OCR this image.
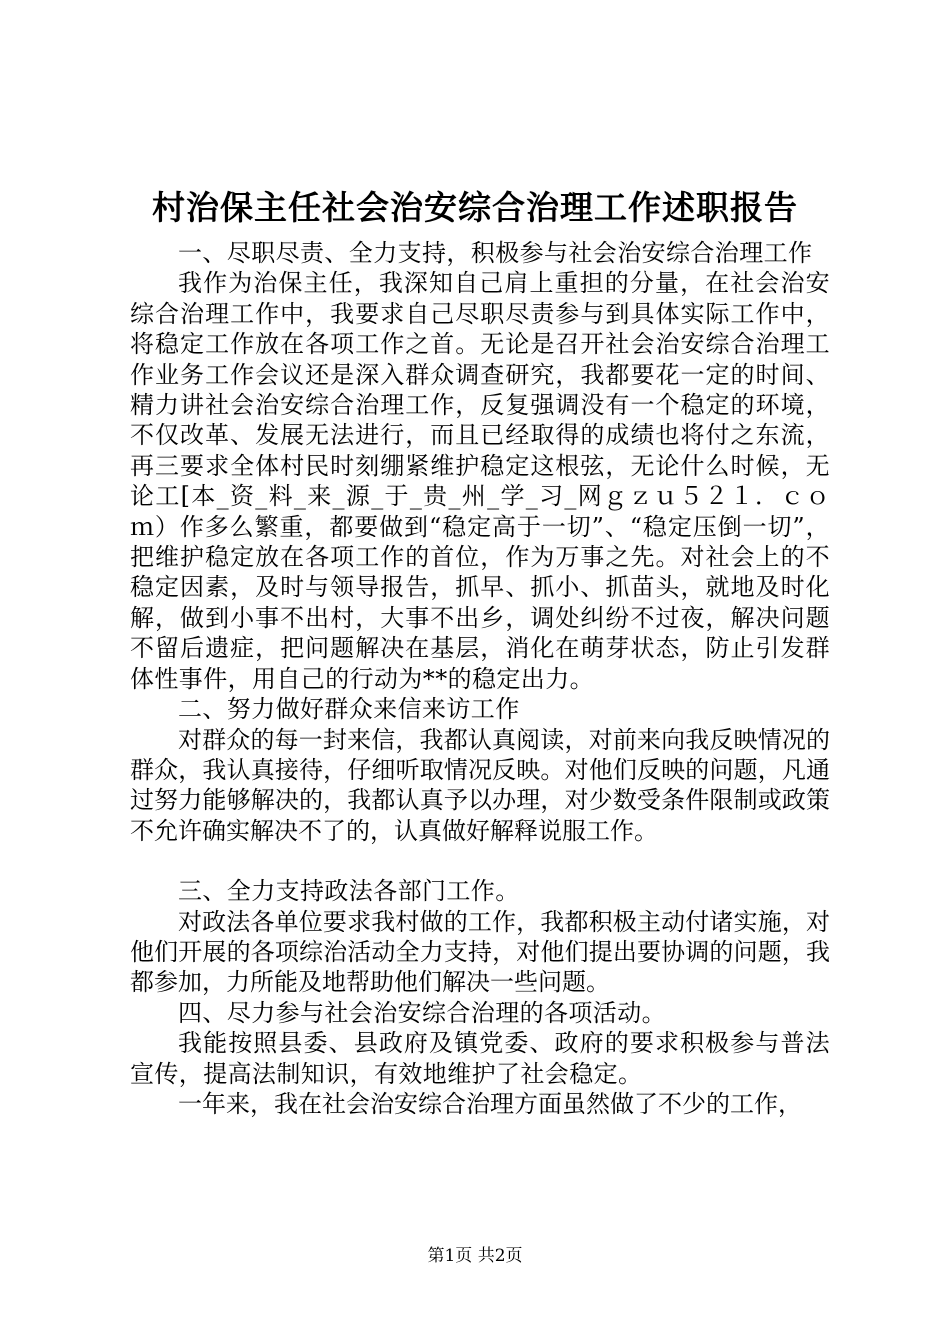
村治保主任社会治安综合治理工作述职报告

一、尽职尽责、全力支持，积极参与社会治安综合治理工作

我作为治保主任，我深知自己肩上重担的分量，在社会治安综合治理工作中，我要求自己尽职尽责参与到具体实际工作中，将稳定工作放在各项工作之首。无论是召开社会治安综合治理工作业务工作会议还是深入群众调查研究，我都要花一定的时间、精力讲社会治安综合治理工作，反复强调没有一个稳定的环境，不仅改革、发展无法进行，而且已经取得的成绩也将付之东流，再三要求全体村民时刻绷紧维护稳定这根弦，无论什么时候，无论工[本_资_料_来_源_于_贵_州_学_习_网ｇｚｕ５２１．ｃｏｍ）作多么繁重，都要做到“稳定高于一切”、“稳定压倒一切”，把维护稳定放在各项工作的首位，作为万事之先。对社会上的不稳定因素，及时与领导报告，抓早、抓小、抓苗头，就地及时化解，做到小事不出村，大事不出乡，调处纠纷不过夜，解决问题不留后遗症，把问题解决在基层，消化在萌芽状态，防止引发群体性事件，用自己的行动为**的稳定出力。

二、努力做好群众来信来访工作

对群众的每一封来信，我都认真阅读，对前来向我反映情况的群众，我认真接待，仔细听取情况反映。对他们反映的问题，凡通过努力能够解决的，我都认真予以办理，对少数受条件限制或政策不允许确实解决不了的，认真做好解释说服工作。

三、全力支持政法各部门工作。

对政法各单位要求我村做的工作，我都积极主动付诸实施，对他们开展的各项综治活动全力支持，对他们提出要协调的问题，我都参加，力所能及地帮助他们解决一些问题。

四、尽力参与社会治安综合治理的各项活动。

我能按照县委、县政府及镇党委、政府的要求积极参与普法宣传，提高法制知识，有效地维护了社会稳定。

一年来，我在社会治安综合治理方面虽然做了不少的工作，

第1页 共2页
